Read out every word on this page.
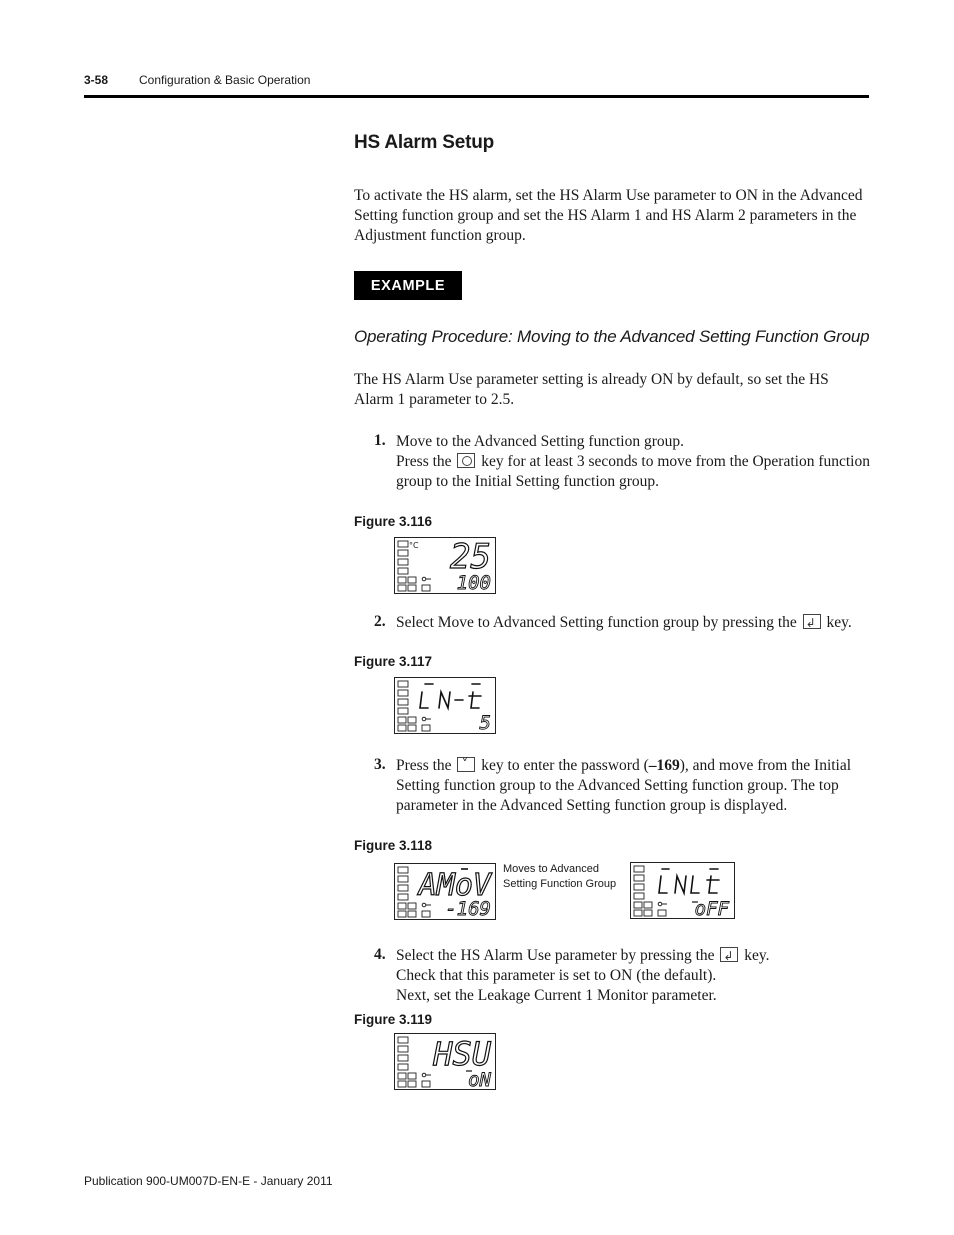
3-58	Configuration & Basic Operation
HS Alarm Setup
To activate the HS alarm, set the HS Alarm Use parameter to ON in the Advanced Setting function group and set the HS Alarm 1 and HS Alarm 2 parameters in the Adjustment function group.
EXAMPLE
Operating Procedure: Moving to the Advanced Setting Function Group
The HS Alarm Use parameter setting is already ON by default, so set the HS Alarm 1 parameter to 2.5.
1. Move to the Advanced Setting function group.
Press the key for at least 3 seconds to move from the Operation function group to the Initial Setting function group.
Figure 3.116
°C 25
100
2. Select Move to Advanced Setting function group by pressing the ↲ key.
Figure 3.117
5
3. Press the ˅ key to enter the password (–169), and move from the Initial Setting function group to the Advanced Setting function group. The top parameter in the Advanced Setting function group is displayed.
Figure 3.118
AMoV
-169
Moves to Advanced
Setting Function Group
oFF
4. Select the HS Alarm Use parameter by pressing the ↲ key.
Check that this parameter is set to ON (the default).
Next, set the Leakage Current 1 Monitor parameter.
Figure 3.119
HSU
oN
Publication 900-UM007D-EN-E - January 2011
